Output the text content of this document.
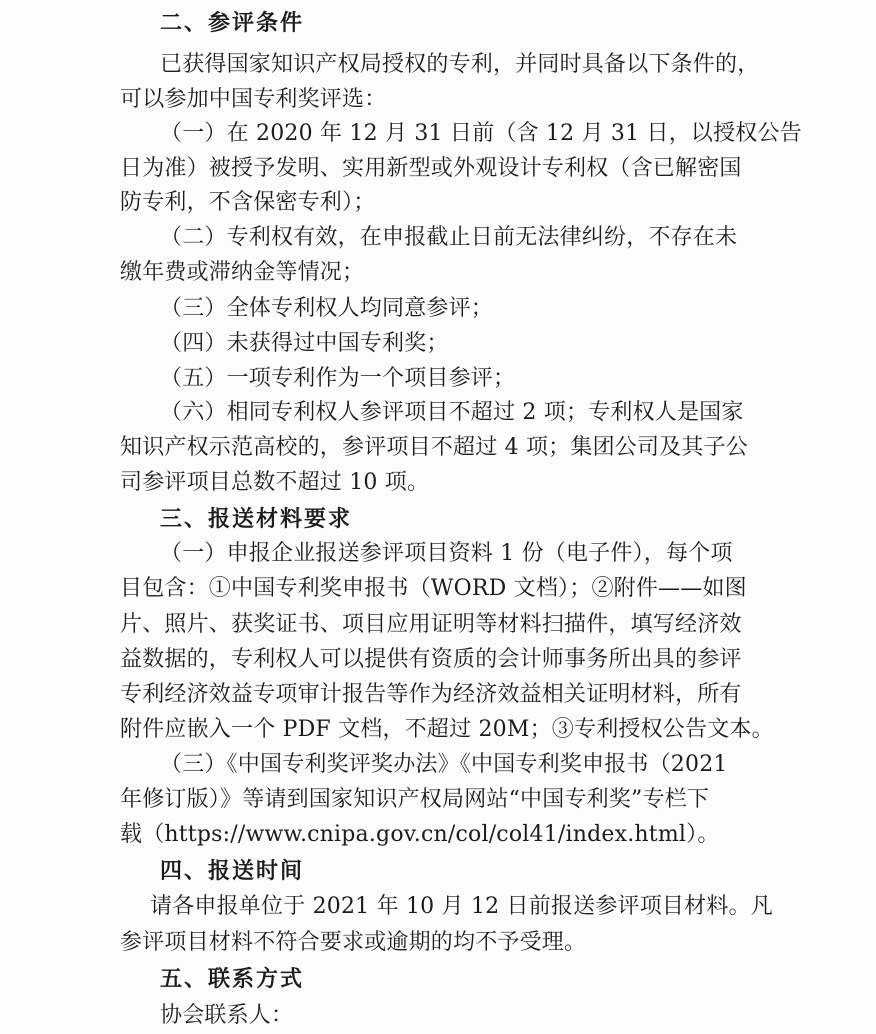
二、参评条件
已获得国家知识产权局授权的专利，并同时具备以下条件的，
可以参加中国专利奖评选：
（一）在 2020 年 12 月 31 日前（含 12 月 31 日，以授权公告
日为准）被授予发明、实用新型或外观设计专利权（含已解密国
防专利，不含保密专利）；
（二）专利权有效，在申报截止日前无法律纠纷，不存在未
缴年费或滞纳金等情况；
（三）全体专利权人均同意参评；
（四）未获得过中国专利奖；
（五）一项专利作为一个项目参评；
（六）相同专利权人参评项目不超过 2 项；专利权人是国家
知识产权示范高校的，参评项目不超过 4 项；集团公司及其子公
司参评项目总数不超过 10 项。
三、报送材料要求
（一）申报企业报送参评项目资料 1 份（电子件），每个项
目包含：①中国专利奖申报书（WORD 文档）；②附件——如图
片、照片、获奖证书、项目应用证明等材料扫描件，填写经济效
益数据的，专利权人可以提供有资质的会计师事务所出具的参评
专利经济效益专项审计报告等作为经济效益相关证明材料，所有
附件应嵌入一个 PDF 文档，不超过 20M；③专利授权公告文本。
（三）《中国专利奖评奖办法》《中国专利奖申报书（2021
年修订版）》等请到国家知识产权局网站“中国专利奖”专栏下
载（https://www.cnipa.gov.cn/col/col41/index.html）。
四、报送时间
请各申报单位于 2021 年 10 月 12 日前报送参评项目材料。凡
参评项目材料不符合要求或逾期的均不予受理。
五、联系方式
协会联系人：
